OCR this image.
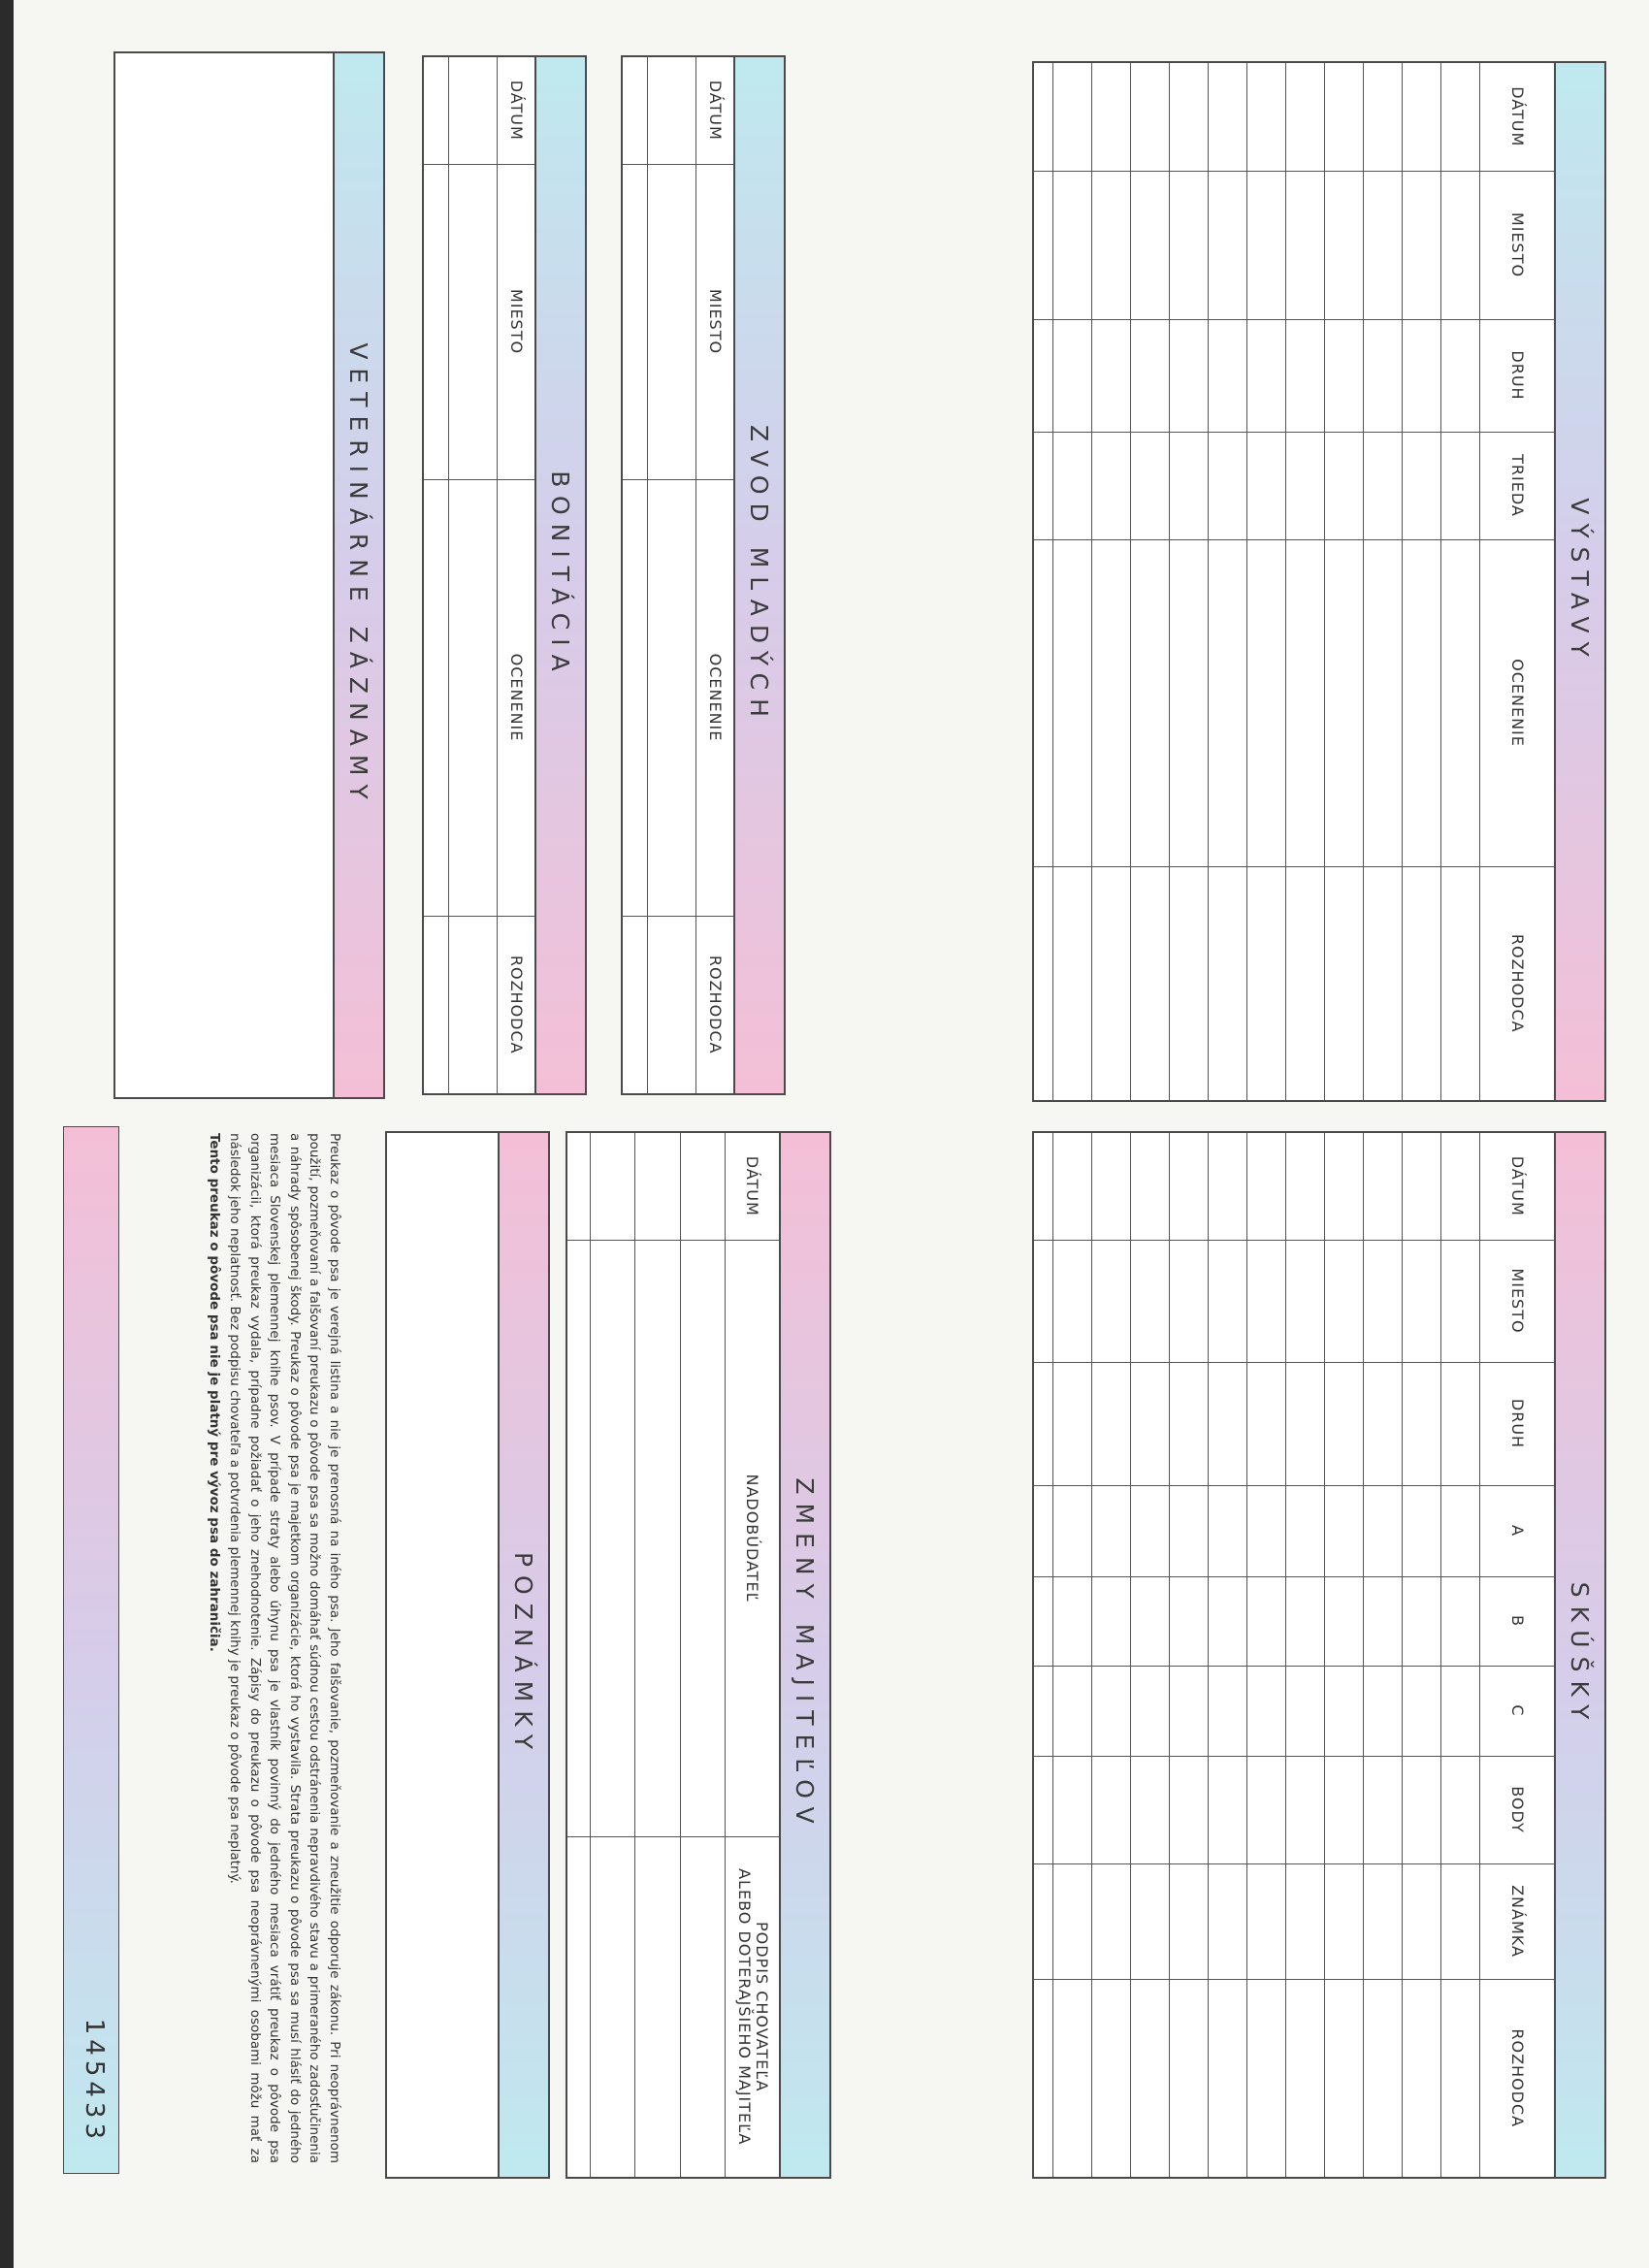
VÝSTAVY
DÁTUM	MIESTO	DRUH	TRIEDA	OCENENIE	ROZHODCA

SKÚŠKY
DÁTUM	MIESTO	DRUH	A	B	C	BODY	ZNÁMKA	ROZHODCA

ZVOD MLADÝCH
DÁTUM	MIESTO	OCENENIE	ROZHODCA

BONITÁCIA
DÁTUM	MIESTO	OCENENIE	ROZHODCA

ZMENY MAJITEĽOV
DÁTUM	NADOBÚDATEĽ	PODPIS CHOVATEĽA
ALEBO DOTERAJŠIEHO MAJITEĽA

VETERINÁRNE ZÁZNAMY
POZNÁMKY
Preukaz o pôvode psa je verejná listina a nie je prenosná na iného psa. Jeho falšovanie, pozmeňovanie a zneužitie odporuje zákonu. Pri neoprávnenom použití, pozmeňovaní a falšovaní preukazu o pôvode psa sa možno domáhať súdnou cestou odstránenia nepravdivého stavu a primeraného zadosťučinenia a náhrady spôsobenej škody. Preukaz o pôvode psa je majetkom organizácie, ktorá ho vystavila. Strata preukazu o pôvode psa sa musí hlásiť do jedného mesiaca Slovenskej plemennej knihe psov. V prípade straty alebo úhynu psa je vlastník povinný do jedného mesiaca vrátiť preukaz o pôvode psa organizácii, ktorá preukaz vydala, prípadne požiadať o jeho znehodnotenie. Zápisy do preukazu o pôvode psa neoprávnenými osobami môžu mať za následok jeho neplatnosť. Bez podpisu chovateľa a potvrdenia plemennej knihy je preukaz o pôvode psa neplatný.
Tento preukaz o pôvode psa nie je platný pre vývoz psa do zahraničia.
145433
